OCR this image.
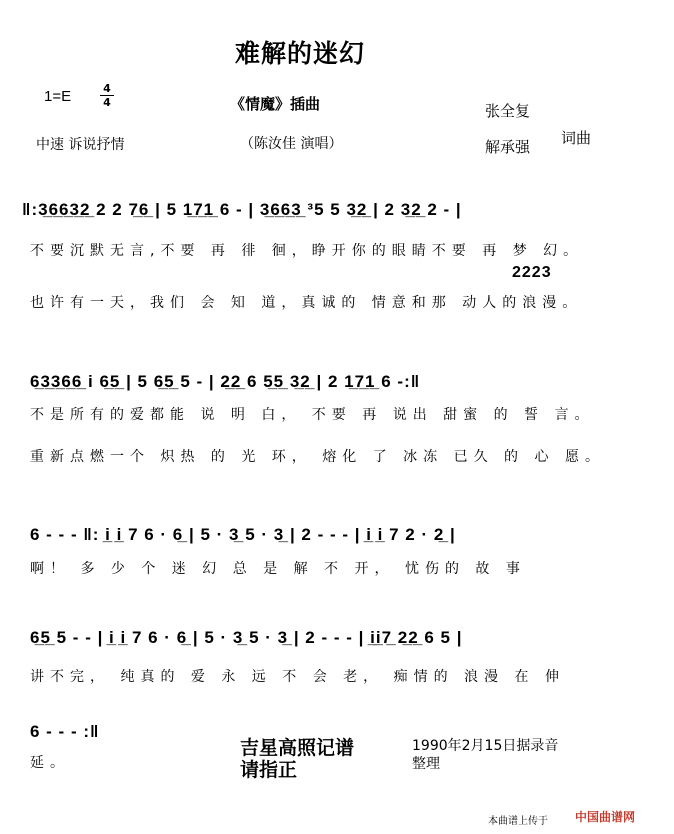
难解的迷幻
1=E	4
4	《情魔》插曲
中速 诉说抒情	（陈汝佳 演唱）
张全复
解承强 词曲
‖:3̲6̲6̲3̲2̲ 2 2 7̲6̲ | 5 1̲7̲1̲ 6 - | 3̲6̲6̲3̲ ³5 5 3̲2̲ | 2 3̲2̲ 2 - |
不要沉默无言,不要 再 徘 徊，睁开你的眼睛不要 再 梦 幻。
2223
也许有一天，我们 会 知 道，真诚的 情意和那 动人的浪漫。
6̲3̲3̲6̲6̲ i 6̲5̲ | 5 6̲5̲ 5 - | 2̲2̲ 6 5̲5̲ 3̲2̲ | 2 1̲7̲1̲ 6 -:‖
不是所有的爱都能 说 明 白， 不要 再 说出 甜蜜 的 誓 言。
重新点燃一个 炽热 的 光 环， 熔化 了 冰冻 已久 的 心 愿。
6 - - - ‖: i̲ i̲ 7 6 · 6̲ | 5 · 3̲ 5 · 3̲ | 2 - - - | i̲ i̲ 7 2 · 2̲ |
啊！ 多 少 个 迷 幻 总 是 解 不 开， 忧伤的 故 事
6̲5̲ 5 - - | i̲ i̲ 7 6 · 6̲ | 5 · 3̲ 5 · 3̲ | 2 - - - | i̲i̲7̲ 2̲2̲ 6 5 |
讲不完， 纯真的 爱 永 远 不 会 老， 痴情的 浪漫 在 伸
6 - - - :‖
延。
吉星高照记谱
请指正
1990年2月15日据录音
整理
本曲谱上传于 中国曲谱网
